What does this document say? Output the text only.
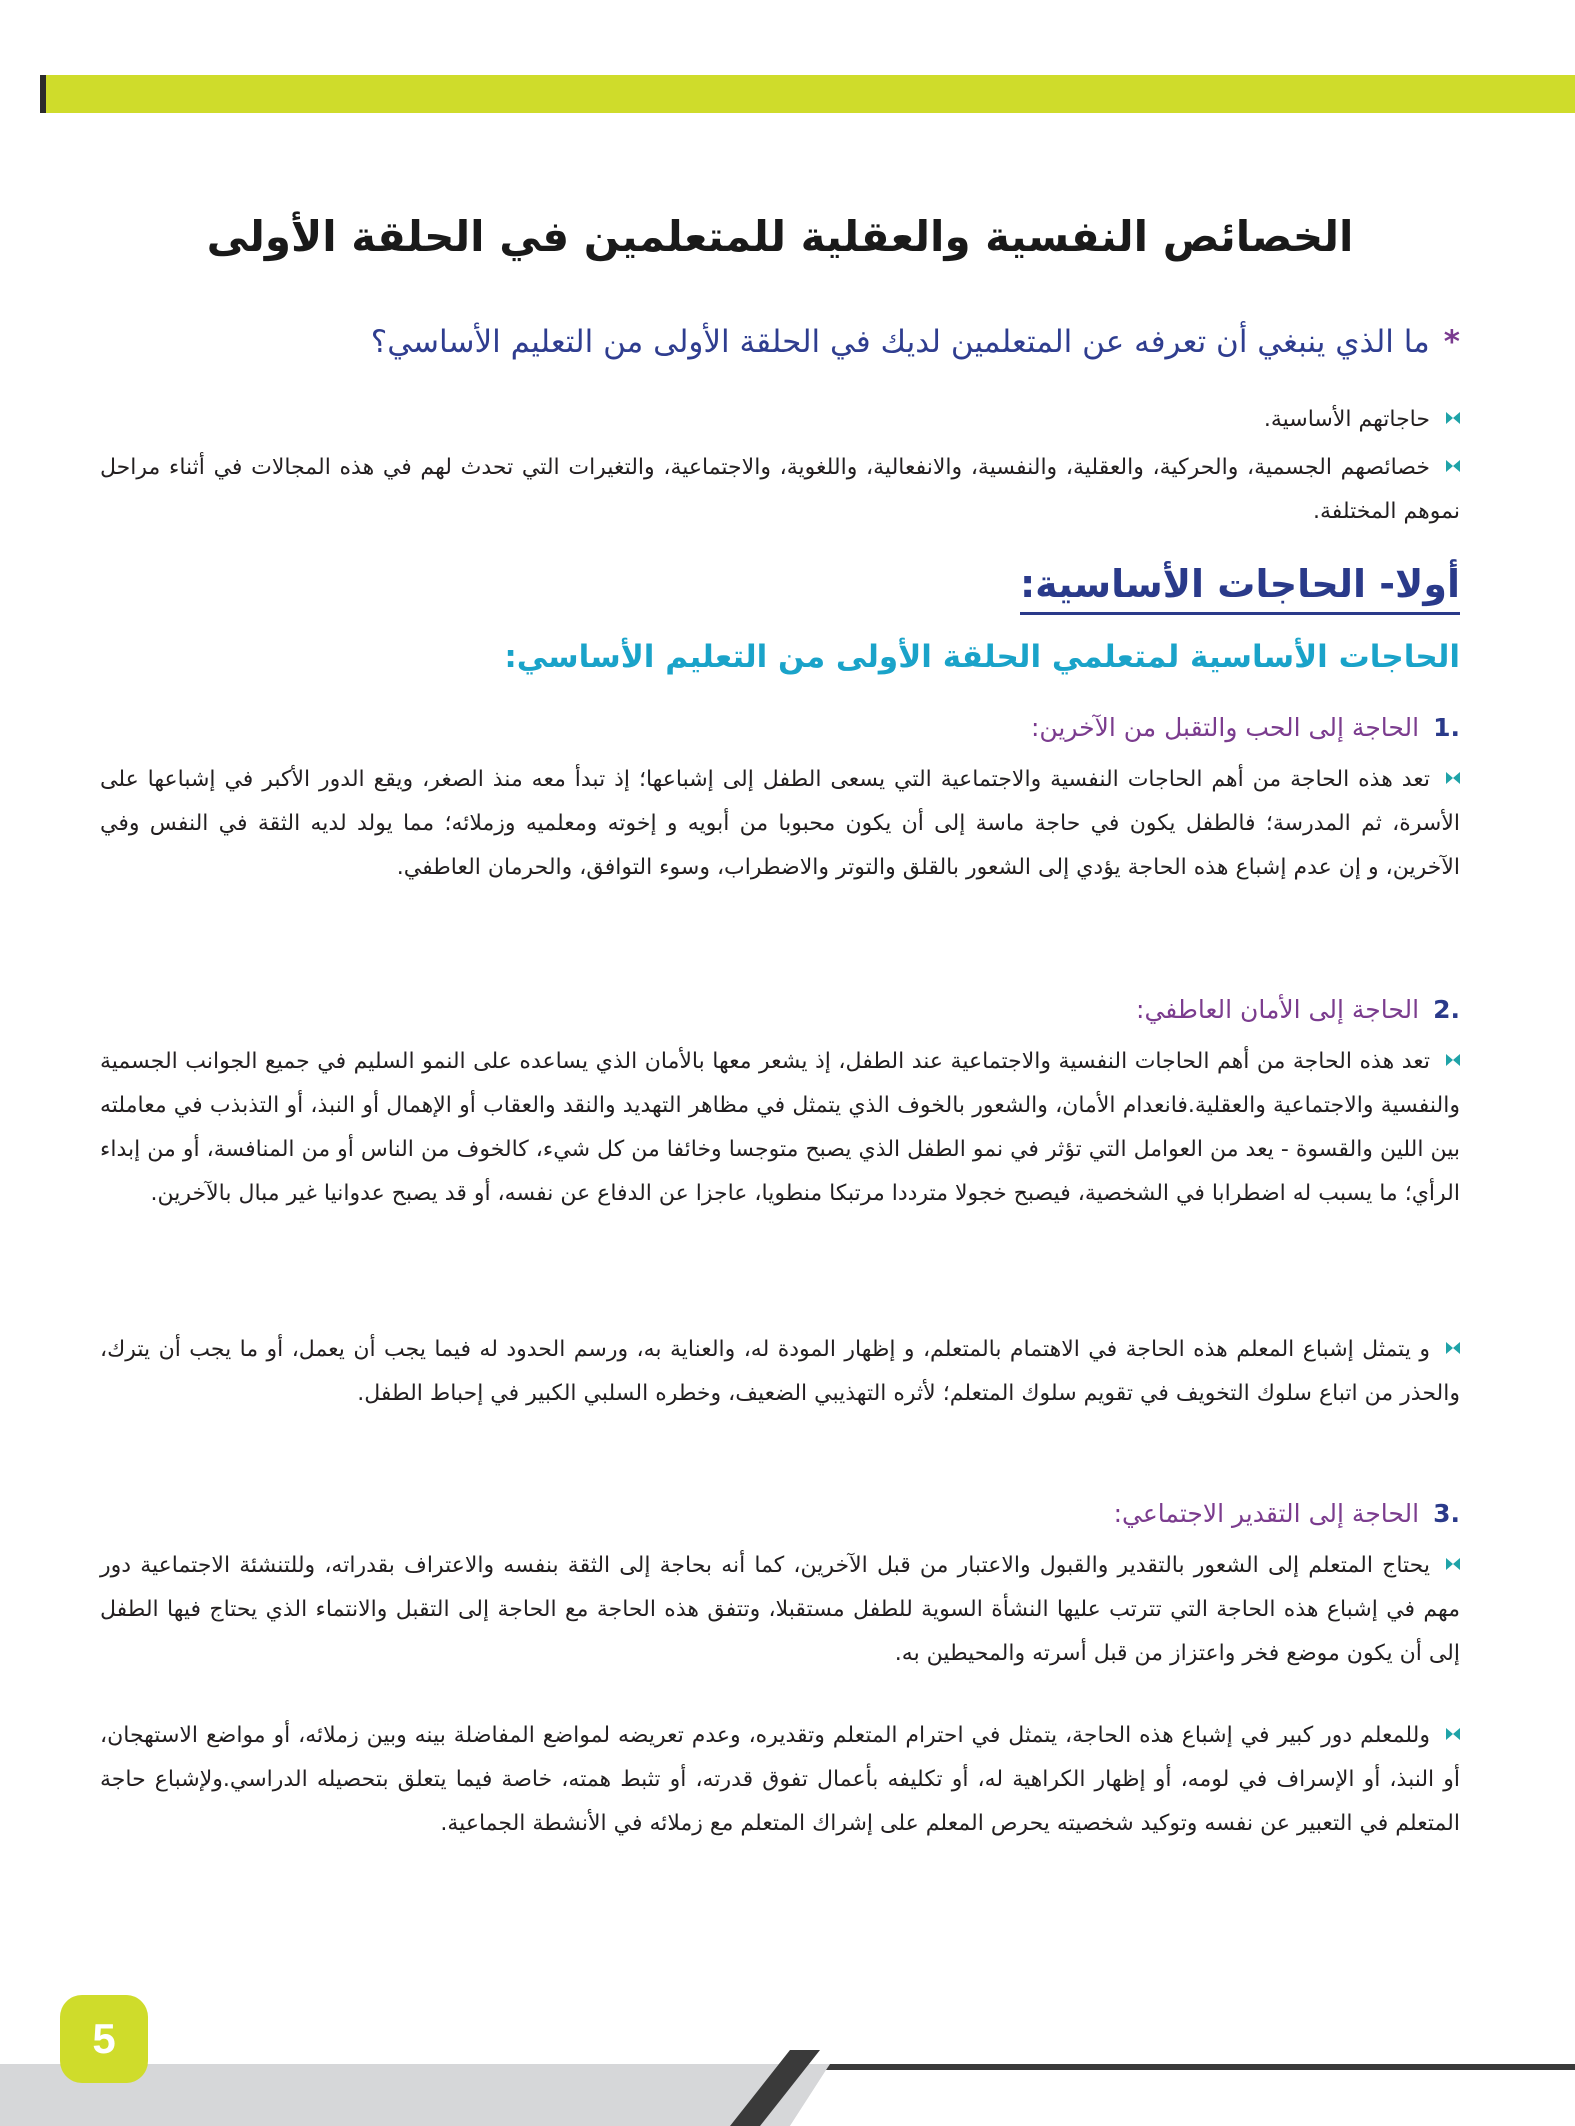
الخصائص النفسية والعقلية للمتعلمين في الحلقة الأولى

*ما الذي ينبغي أن تعرفه عن المتعلمين لديك في الحلقة الأولى من التعليم الأساسي؟

حاجاتهم الأساسية.

خصائصهم الجسمية، والحركية، والعقلية، والنفسية، والانفعالية، واللغوية، والاجتماعية، والتغيرات التي تحدث لهم في هذه المجالات في أثناء مراحل نموهم المختلفة.

أولا- الحاجات الأساسية:
الحاجات الأساسية لمتعلمي الحلقة الأولى من التعليم الأساسي:

.1الحاجة إلى الحب والتقبل من الآخرين:

تعد هذه الحاجة من أهم الحاجات النفسية والاجتماعية التي يسعى الطفل إلى إشباعها؛ إذ تبدأ معه منذ الصغر، ويقع الدور الأكبر في إشباعها على الأسرة، ثم المدرسة؛ فالطفل يكون في حاجة ماسة إلى أن يكون محبوبا من أبويه و إخوته ومعلميه وزملائه؛ مما يولد لديه الثقة في النفس وفي الآخرين، و إن عدم إشباع هذه الحاجة يؤدي إلى الشعور بالقلق والتوتر والاضطراب، وسوء التوافق، والحرمان العاطفي.

.2الحاجة إلى الأمان العاطفي:

تعد هذه الحاجة من أهم الحاجات النفسية والاجتماعية عند الطفل، إذ يشعر معها بالأمان الذي يساعده على النمو السليم في جميع الجوانب الجسمية والنفسية والاجتماعية والعقلية.فانعدام الأمان، والشعور بالخوف الذي يتمثل في مظاهر التهديد والنقد والعقاب أو الإهمال أو النبذ، أو التذبذب في معاملته بين اللين والقسوة - يعد من العوامل التي تؤثر في نمو الطفل الذي يصبح متوجسا وخائفا من كل شيء، كالخوف من الناس أو من المنافسة، أو من إبداء الرأي؛ ما يسبب له اضطرابا في الشخصية، فيصبح خجولا مترددا مرتبكا منطويا، عاجزا عن الدفاع عن نفسه، أو قد يصبح عدوانيا غير مبال بالآخرين.

و يتمثل إشباع المعلم هذه الحاجة في الاهتمام بالمتعلم، و إظهار المودة له، والعناية به، ورسم الحدود له فيما يجب أن يعمل، أو ما يجب أن يترك، والحذر من اتباع سلوك التخويف في تقويم سلوك المتعلم؛ لأثره التهذيبي الضعيف، وخطره السلبي الكبير في إحباط الطفل.

.3الحاجة إلى التقدير الاجتماعي:

يحتاج المتعلم إلى الشعور بالتقدير والقبول والاعتبار من قبل الآخرين، كما أنه بحاجة إلى الثقة بنفسه والاعتراف بقدراته، وللتنشئة الاجتماعية دور مهم في إشباع هذه الحاجة التي تترتب عليها النشأة السوية للطفل مستقبلا، وتتفق هذه الحاجة مع الحاجة إلى التقبل والانتماء الذي يحتاج فيها الطفل إلى أن يكون موضع فخر واعتزاز من قبل أسرته والمحيطين به.

وللمعلم دور كبير في إشباع هذه الحاجة، يتمثل في احترام المتعلم وتقديره، وعدم تعريضه لمواضع المفاضلة بينه وبين زملائه، أو مواضع الاستهجان، أو النبذ، أو الإسراف في لومه، أو إظهار الكراهية له، أو تكليفه بأعمال تفوق قدرته، أو تثبط همته، خاصة فيما يتعلق بتحصيله الدراسي.ولإشباع حاجة المتعلم في التعبير عن نفسه وتوكيد شخصيته يحرص المعلم على إشراك المتعلم مع زملائه في الأنشطة الجماعية.

5
